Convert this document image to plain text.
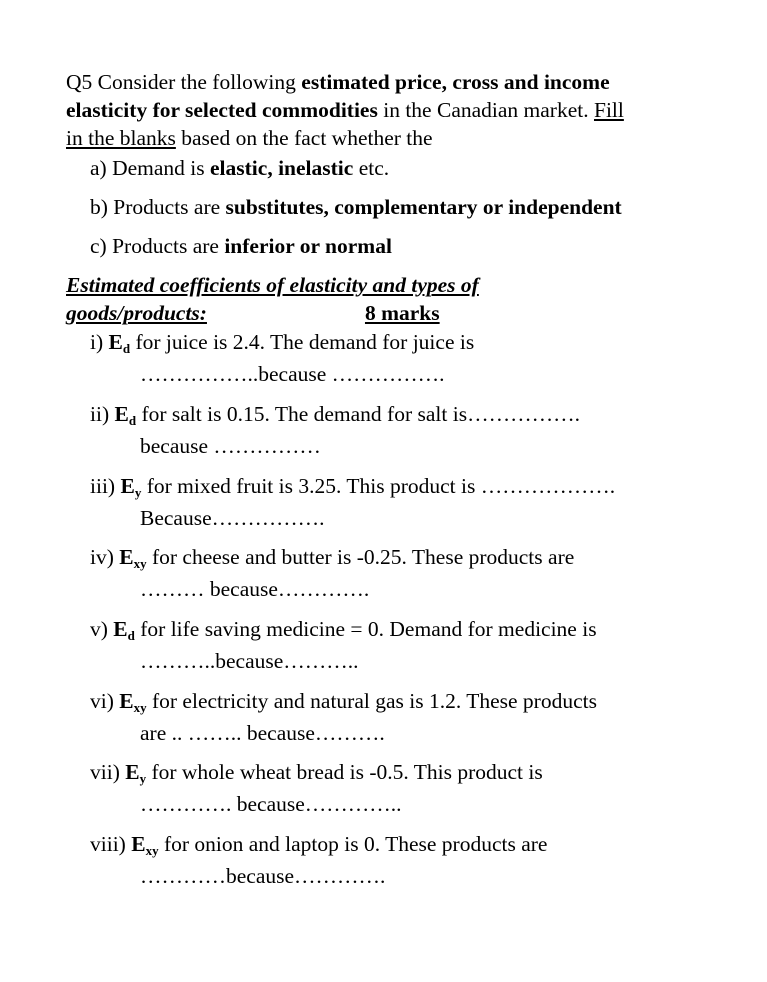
Q5 Consider the following estimated price, cross and income
elasticity for selected commodities in the Canadian market. Fill
in the blanks based on the fact whether the
a) Demand is elastic, inelastic etc.
b) Products are substitutes, complementary or independent
c) Products are inferior or normal
Estimated coefficients of elasticity and types of
goods/products:	8 marks
i) $E_d$ for juice is 2.4. The demand for juice is
……………..because …………….
ii) $E_d$ for salt is 0.15. The demand for salt is…………….
because ……………
iii) $E_y$ for mixed fruit is 3.25. This product is ……………….
Because…………….
iv) $E_{xy}$ for cheese and butter is -0.25. These products are
……… because………….
v) $E_d$ for life saving medicine = 0. Demand for medicine is
………..because………..
vi) $E_{xy}$ for electricity and natural gas is 1.2. These products
are .. …….. because……….
vii) $E_y$ for whole wheat bread is -0.5. This product is
…………. because…………..
viii) $E_{xy}$ for onion and laptop is 0. These products are
…………because………….
